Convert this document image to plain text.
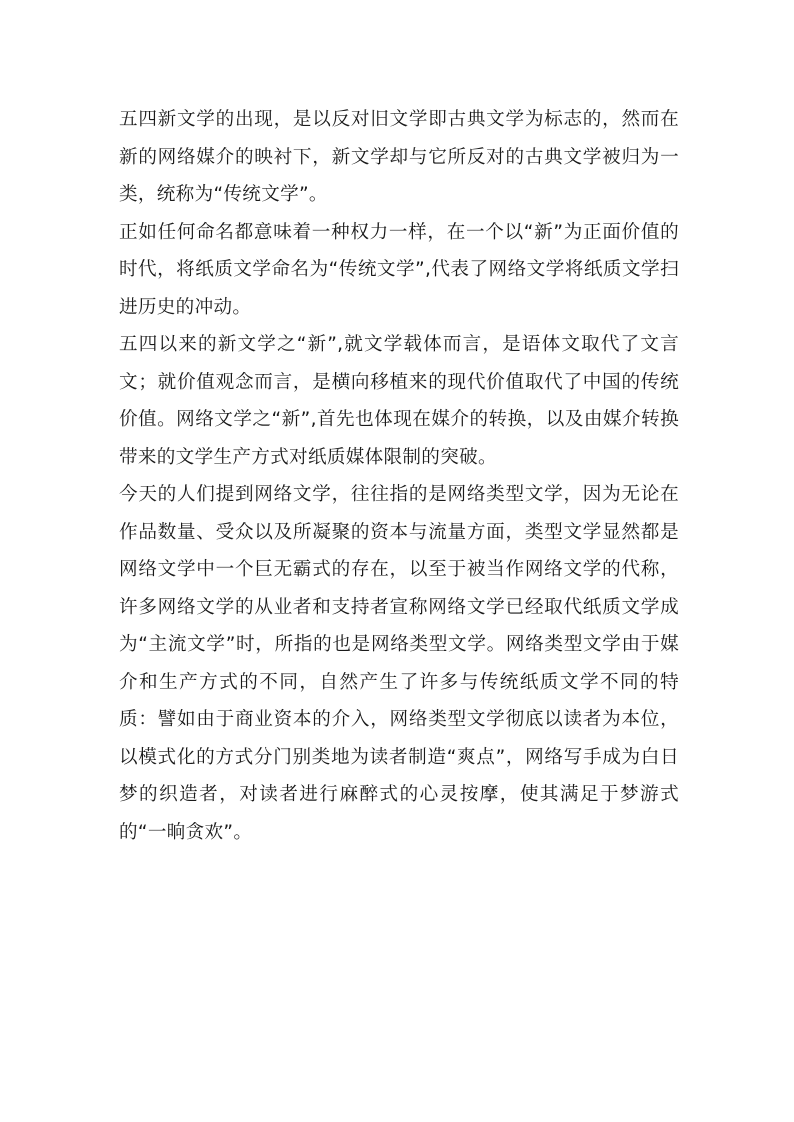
五四新文学的出现，是以反对旧文学即古典文学为标志的，然而在新的网络媒介的映衬下，新文学却与它所反对的古典文学被归为一类，统称为“传统文学”。

正如任何命名都意味着一种权力一样，在一个以“新”为正面价值的时代，将纸质文学命名为“传统文学”,代表了网络文学将纸质文学扫进历史的冲动。

五四以来的新文学之“新”,就文学载体而言，是语体文取代了文言文；就价值观念而言，是横向移植来的现代价值取代了中国的传统价值。网络文学之“新”,首先也体现在媒介的转换，以及由媒介转换带来的文学生产方式对纸质媒体限制的突破。

今天的人们提到网络文学，往往指的是网络类型文学，因为无论在作品数量、受众以及所凝聚的资本与流量方面，类型文学显然都是网络文学中一个巨无霸式的存在，以至于被当作网络文学的代称，许多网络文学的从业者和支持者宣称网络文学已经取代纸质文学成为“主流文学”时，所指的也是网络类型文学。网络类型文学由于媒介和生产方式的不同，自然产生了许多与传统纸质文学不同的特质：譬如由于商业资本的介入，网络类型文学彻底以读者为本位，以模式化的方式分门别类地为读者制造“爽点”，网络写手成为白日梦的织造者，对读者进行麻醉式的心灵按摩，使其满足于梦游式的“一晌贪欢”。
